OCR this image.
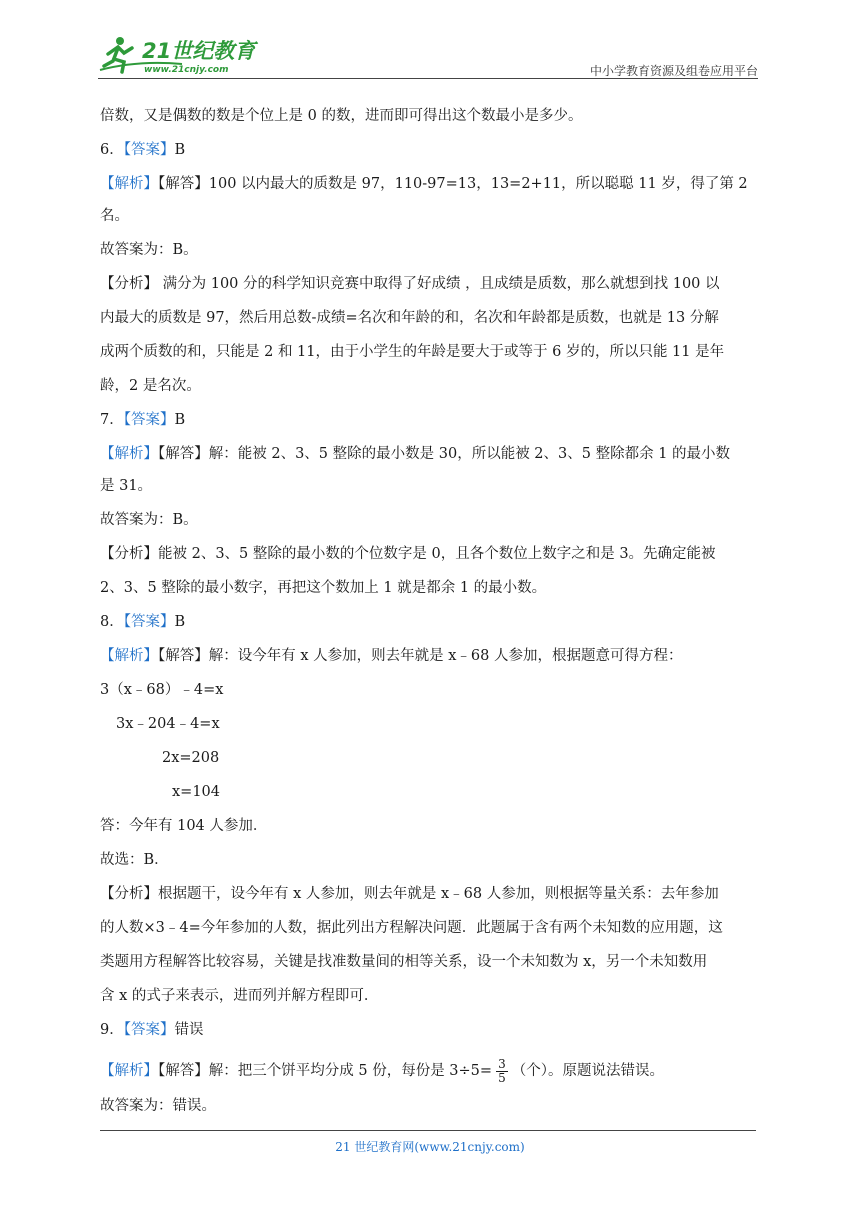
21世纪教育
www.21cnjy.com	中小学教育资源及组卷应用平台
倍数，又是偶数的数是个位上是 0 的数，进而即可得出这个数最小是多少。
6．【答案】B
【解析】【解答】100 以内最大的质数是 97，110-97=13，13=2+11，所以聪聪 11 岁，得了第 2
名。
故答案为：B。
【分析】 满分为 100 分的科学知识竞赛中取得了好成绩 ，且成绩是质数，那么就想到找 100 以
内最大的质数是 97，然后用总数-成绩=名次和年龄的和，名次和年龄都是质数，也就是 13 分解
成两个质数的和，只能是 2 和 11，由于小学生的年龄是要大于或等于 6 岁的，所以只能 11 是年
龄，2 是名次。
7．【答案】B
【解析】【解答】解：能被 2、3、5 整除的最小数是 30，所以能被 2、3、5 整除都余 1 的最小数
是 31。
故答案为：B。
【分析】能被 2、3、5 整除的最小数的个位数字是 0，且各个数位上数字之和是 3。先确定能被
2、3、5 整除的最小数字，再把这个数加上 1 就是都余 1 的最小数。
8．【答案】B
【解析】【解答】解：设今年有 x 人参加，则去年就是 x﹣68 人参加，根据题意可得方程：
3（x﹣68）﹣4=x
3x﹣204﹣4=x
2x=208
x=104
答：今年有 104 人参加．
故选：B．
【分析】根据题干，设今年有 x 人参加，则去年就是 x﹣68 人参加，则根据等量关系：去年参加
的人数×3﹣4=今年参加的人数，据此列出方程解决问题．此题属于含有两个未知数的应用题，这
类题用方程解答比较容易，关键是找准数量间的相等关系，设一个未知数为 x，另一个未知数用
含 x 的式子来表示，进而列并解方程即可．
9．【答案】错误
【解析】【解答】解：把三个饼平均分成 5 份，每份是 $3\div 5= \frac{3}{5}$ （个）。原题说法错误。
故答案为：错误。
21 世纪教育网(www.21cnjy.com)
